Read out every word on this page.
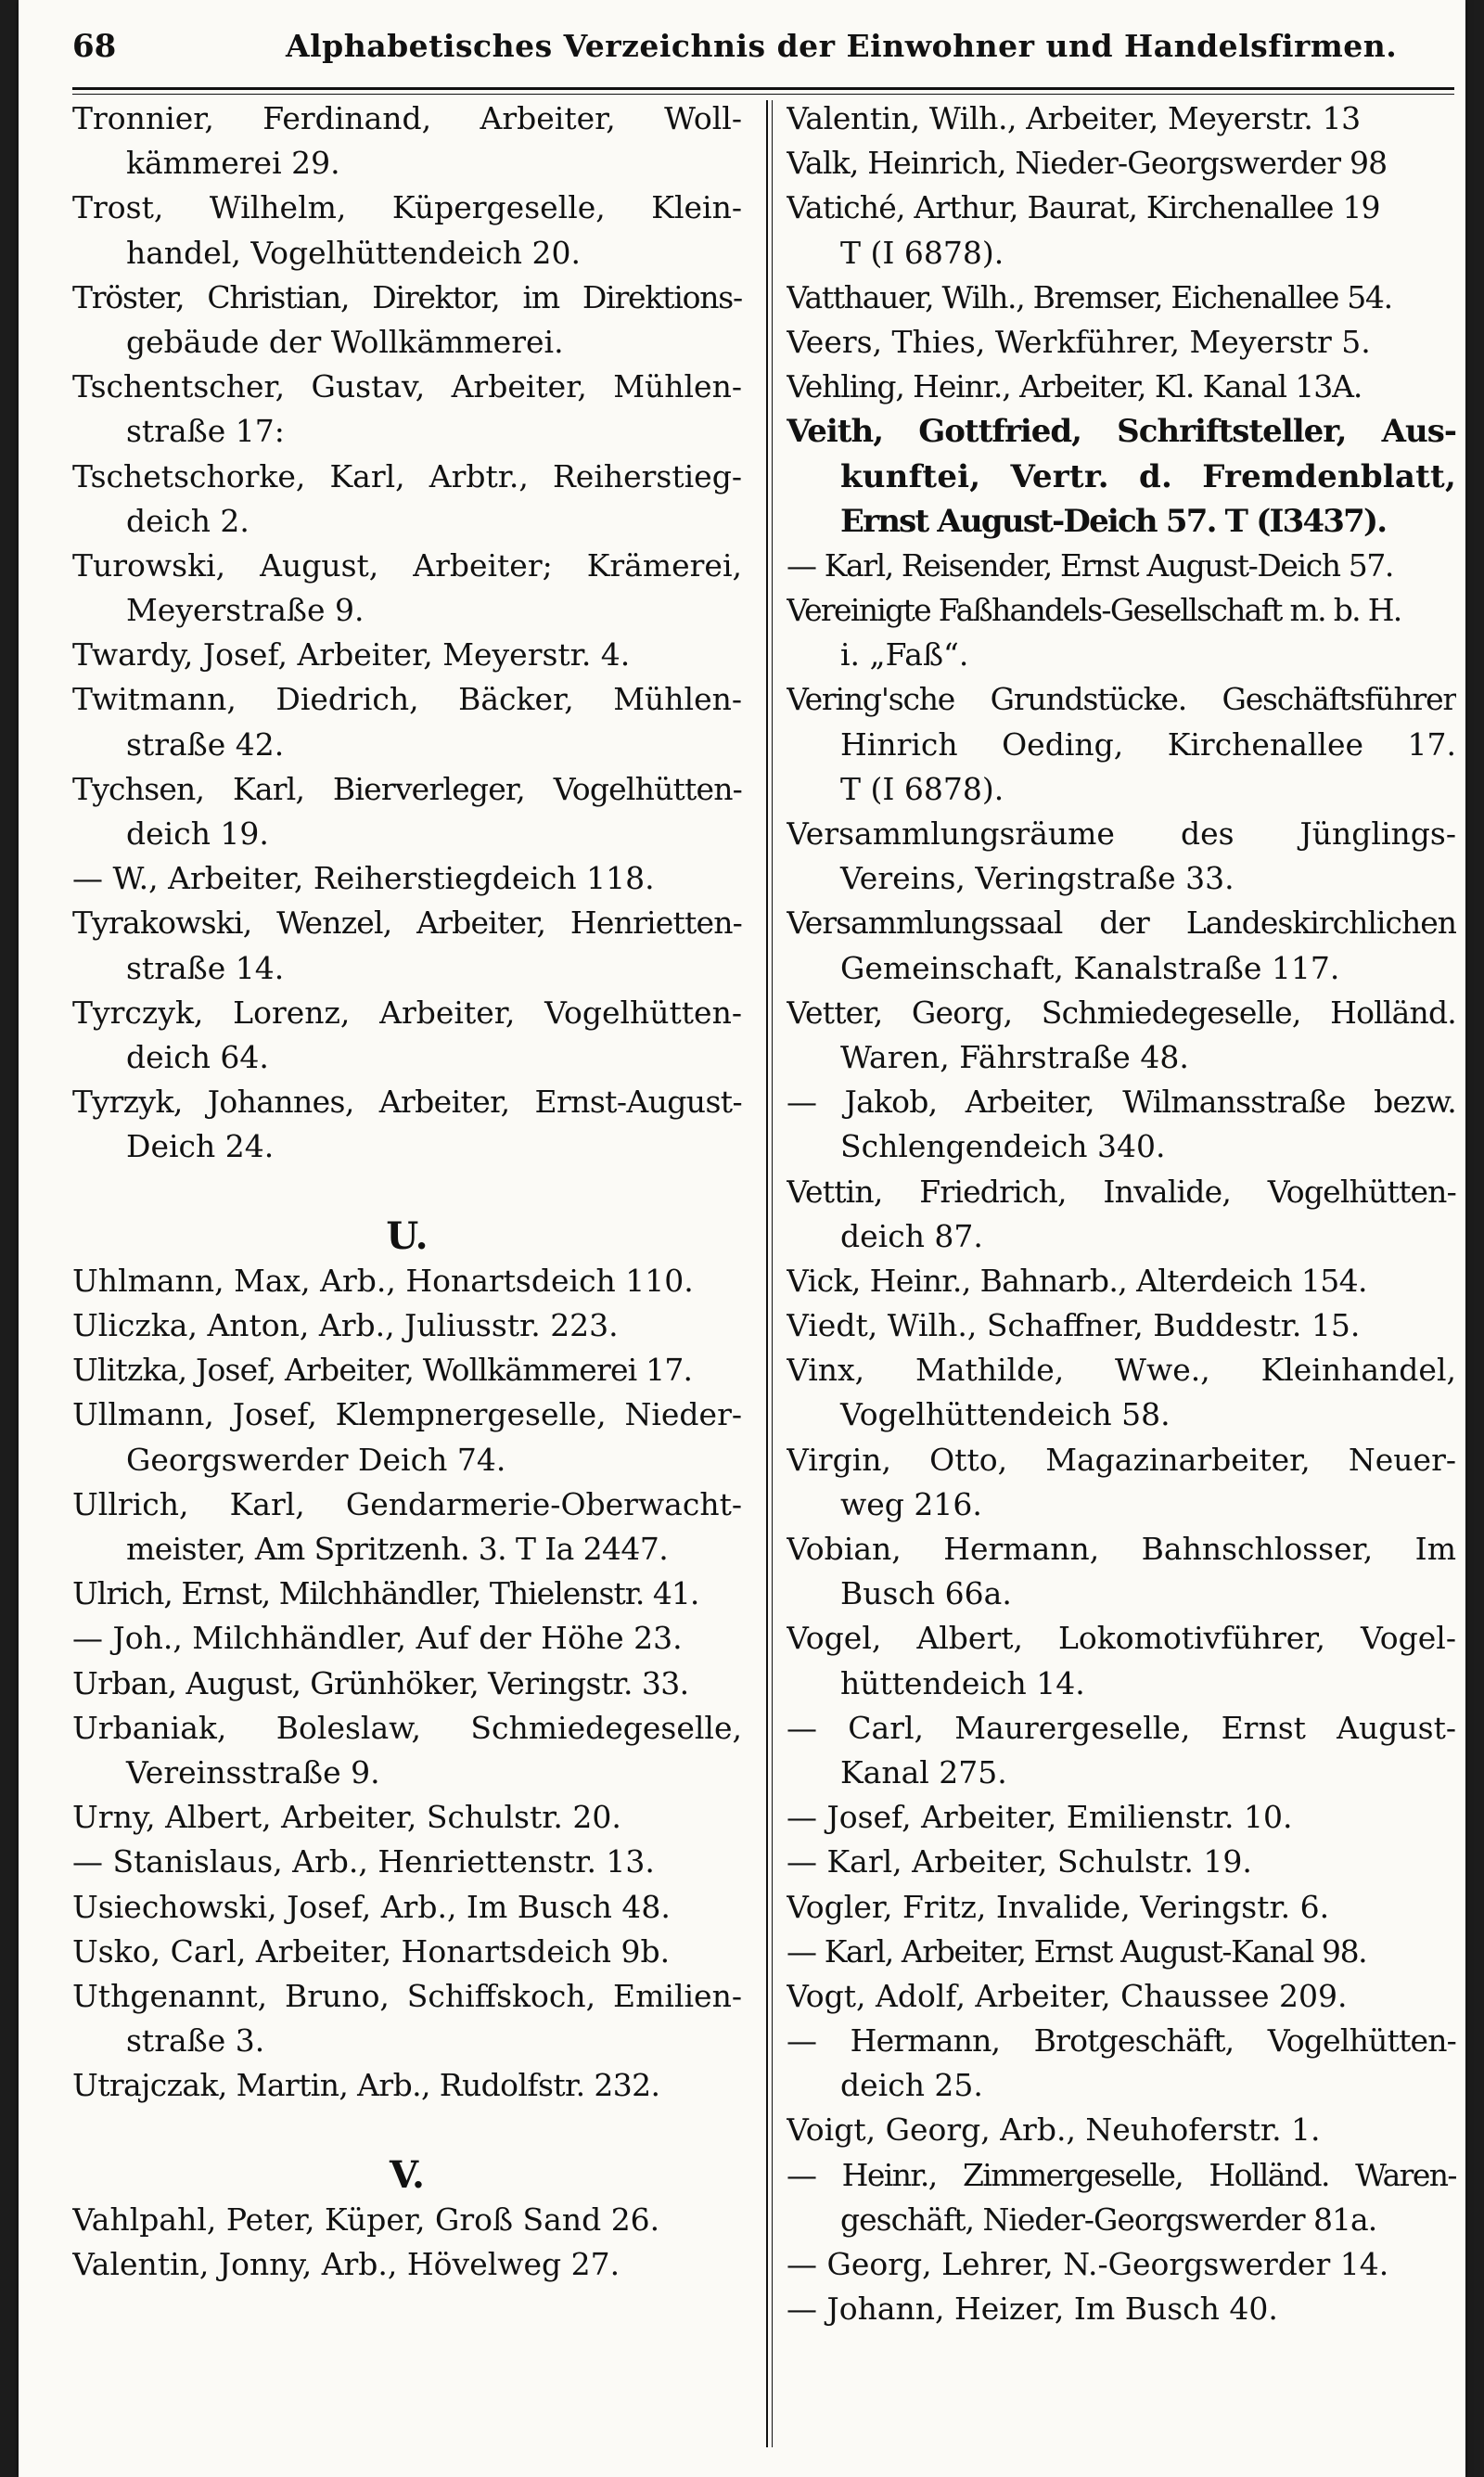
68	Alphabetisches Verzeichnis der Einwohner und Handelsfirmen.
Tronnier, Ferdinand, Arbeiter, Woll-
kämmerei 29.
Trost, Wilhelm, Küpergeselle, Klein-
handel, Vogelhüttendeich 20.
Tröster, Christian, Direktor, im Direktions-
gebäude der Wollkämmerei.
Tschentscher, Gustav, Arbeiter, Mühlen-
straße 17:
Tschetschorke, Karl, Arbtr., Reiherstieg-
deich 2.
Turowski, August, Arbeiter; Krämerei,
Meyerstraße 9.
Twardy, Josef, Arbeiter, Meyerstr. 4.
Twitmann, Diedrich, Bäcker, Mühlen-
straße 42.
Tychsen, Karl, Bierverleger, Vogelhütten-
deich 19.
— W., Arbeiter, Reiherstiegdeich 118.
Tyrakowski, Wenzel, Arbeiter, Henrietten-
straße 14.
Tyrczyk, Lorenz, Arbeiter, Vogelhütten-
deich 64.
Tyrzyk, Johannes, Arbeiter, Ernst-August-
Deich 24.
U.
Uhlmann, Max, Arb., Honartsdeich 110.
Uliczka, Anton, Arb., Juliusstr. 223.
Ulitzka, Josef, Arbeiter, Wollkämmerei 17.
Ullmann, Josef, Klempnergeselle, Nieder-
Georgswerder Deich 74.
Ullrich, Karl, Gendarmerie-Oberwacht-
meister, Am Spritzenh. 3. T Ia 2447.
Ulrich, Ernst, Milchhändler, Thielenstr. 41.
— Joh., Milchhändler, Auf der Höhe 23.
Urban, August, Grünhöker, Veringstr. 33.
Urbaniak, Boleslaw, Schmiedegeselle,
Vereinsstraße 9.
Urny, Albert, Arbeiter, Schulstr. 20.
— Stanislaus, Arb., Henriettenstr. 13.
Usiechowski, Josef, Arb., Im Busch 48.
Usko, Carl, Arbeiter, Honartsdeich 9b.
Uthgenannt, Bruno, Schiffskoch, Emilien-
straße 3.
Utrajczak, Martin, Arb., Rudolfstr. 232.
V.
Vahlpahl, Peter, Küper, Groß Sand 26.
Valentin, Jonny, Arb., Hövelweg 27.
Valentin, Wilh., Arbeiter, Meyerstr. 13
Valk, Heinrich, Nieder-Georgswerder 98
Vatiché, Arthur, Baurat, Kirchenallee 19
T (I 6878).
Vatthauer, Wilh., Bremser, Eichenallee 54.
Veers, Thies, Werkführer, Meyerstr 5.
Vehling, Heinr., Arbeiter, Kl. Kanal 13A.
Veith, Gottfried, Schriftsteller, Aus-
kunftei, Vertr. d. Fremdenblatt,
Ernst August-Deich 57. T (I3437).
— Karl, Reisender, Ernst August-Deich 57.
Vereinigte Faßhandels-Gesellschaft m. b. H.
i. „Faß“.
Vering'sche Grundstücke. Geschäftsführer
Hinrich Oeding, Kirchenallee 17.
T (I 6878).
Versammlungsräume des Jünglings-
Vereins, Veringstraße 33.
Versammlungssaal der Landeskirchlichen
Gemeinschaft, Kanalstraße 117.
Vetter, Georg, Schmiedegeselle, Holländ.
Waren, Fährstraße 48.
— Jakob, Arbeiter, Wilmansstraße bezw.
Schlengendeich 340.
Vettin, Friedrich, Invalide, Vogelhütten-
deich 87.
Vick, Heinr., Bahnarb., Alterdeich 154.
Viedt, Wilh., Schaffner, Buddestr. 15.
Vinx, Mathilde, Wwe., Kleinhandel,
Vogelhüttendeich 58.
Virgin, Otto, Magazinarbeiter, Neuer-
weg 216.
Vobian, Hermann, Bahnschlosser, Im
Busch 66a.
Vogel, Albert, Lokomotivführer, Vogel-
hüttendeich 14.
— Carl, Maurergeselle, Ernst August-
Kanal 275.
— Josef, Arbeiter, Emilienstr. 10.
— Karl, Arbeiter, Schulstr. 19.
Vogler, Fritz, Invalide, Veringstr. 6.
— Karl, Arbeiter, Ernst August-Kanal 98.
Vogt, Adolf, Arbeiter, Chaussee 209.
— Hermann, Brotgeschäft, Vogelhütten-
deich 25.
Voigt, Georg, Arb., Neuhoferstr. 1.
— Heinr., Zimmergeselle, Holländ. Waren-
geschäft, Nieder-Georgswerder 81a.
— Georg, Lehrer, N.-Georgswerder 14.
— Johann, Heizer, Im Busch 40.
